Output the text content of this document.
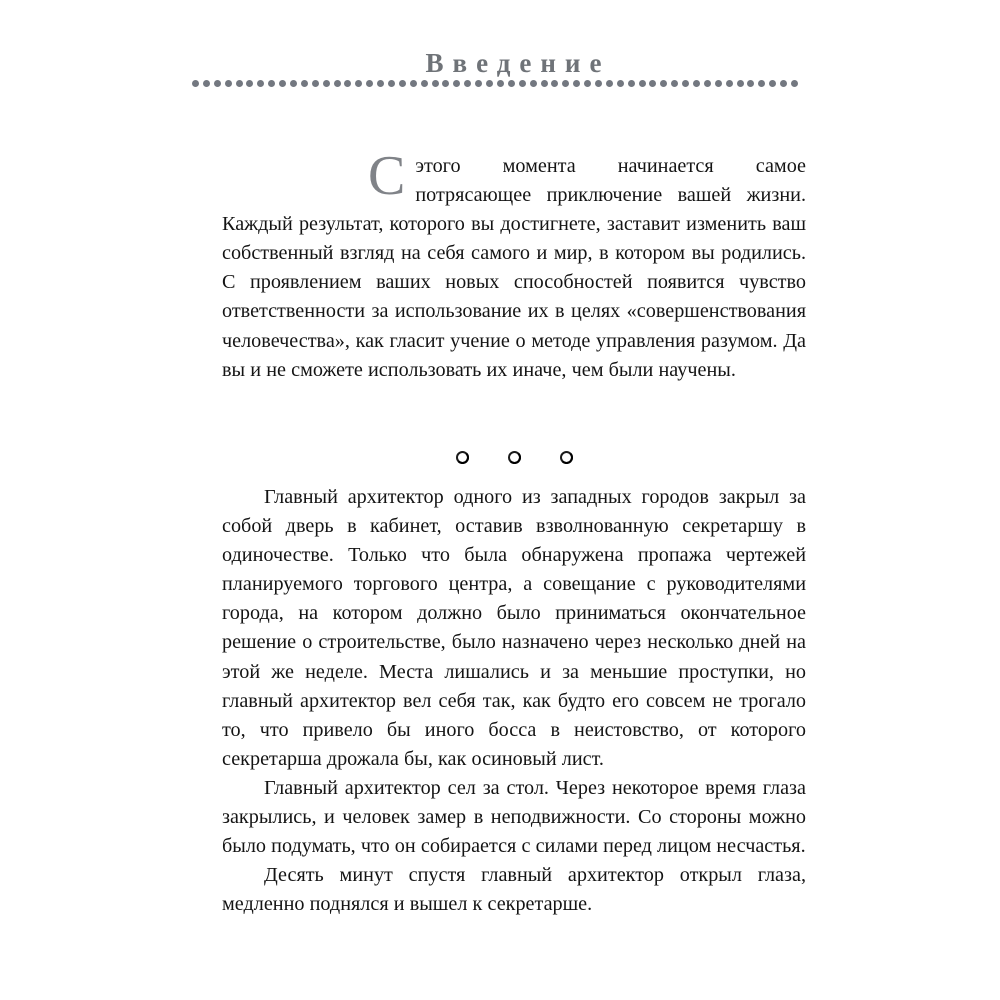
Введение

Сэтого момента начинается самое потрясающее приключение вашей жизни. Каждый результат, которого вы достигнете, заставит изменить ваш собственный взгляд на себя самого и мир, в котором вы родились. С проявлением ваших новых способностей появится чувство ответственности за использование их в целях «совершенствования человечества», как гласит учение о методе управления разумом. Да вы и не сможете использовать их иначе, чем были научены.

Главный архитектор одного из западных городов закрыл за собой дверь в кабинет, оставив взволнованную секретаршу в одиночестве. Только что была обнаружена пропажа чертежей планируемого торгового центра, а совещание с руководителями города, на котором должно было приниматься окончательное решение о строительстве, было назначено через несколько дней на этой же неделе. Места лишались и за меньшие проступки, но главный архитектор вел себя так, как будто его совсем не трогало то, что привело бы иного босса в неистовство, от которого секретарша дрожала бы, как осиновый лист.

Главный архитектор сел за стол. Через некоторое время глаза закрылись, и человек замер в неподвижности. Со стороны можно было подумать, что он собирается с силами перед лицом несчастья.

Десять минут спустя главный архитектор открыл глаза, медленно поднялся и вышел к секретарше.
